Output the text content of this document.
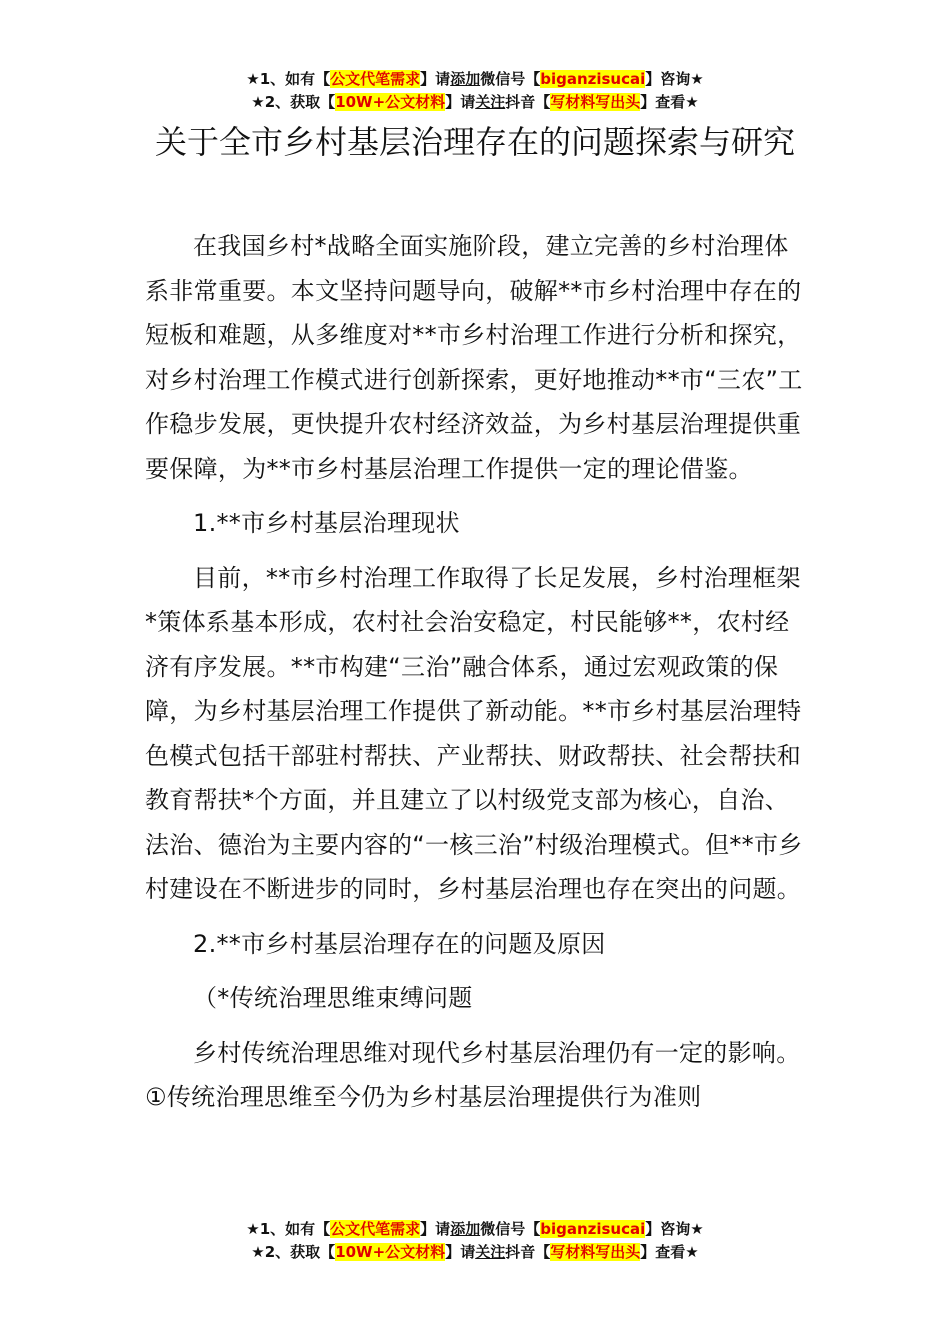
★1、如有【公文代笔需求】请添加微信号【biganzisucai】咨询★
★2、获取【10W+公文材料】请关注抖音【写材料写出头】查看★
关于全市乡村基层治理存在的问题探索与研究

在我国乡村*战略全面实施阶段，建立完善的乡村治理体系非常重要。本文坚持问题导向，破解**市乡村治理中存在的短板和难题，从多维度对**市乡村治理工作进行分析和探究，对乡村治理工作模式进行创新探索，更好地推动**市“三农”工作稳步发展，更快提升农村经济效益，为乡村基层治理提供重要保障，为**市乡村基层治理工作提供一定的理论借鉴。

1.**市乡村基层治理现状

目前，**市乡村治理工作取得了长足发展，乡村治理框架*策体系基本形成，农村社会治安稳定，村民能够**，农村经济有序发展。**市构建“三治”融合体系，通过宏观政策的保障，为乡村基层治理工作提供了新动能。**市乡村基层治理特色模式包括干部驻村帮扶、产业帮扶、财政帮扶、社会帮扶和教育帮扶*个方面，并且建立了以村级党支部为核心，自治、法治、德治为主要内容的“一核三治”村级治理模式。但**市乡村建设在不断进步的同时，乡村基层治理也存在突出的问题。

2.**市乡村基层治理存在的问题及原因

（*传统治理思维束缚问题

乡村传统治理思维对现代乡村基层治理仍有一定的影响。①传统治理思维至今仍为乡村基层治理提供行为准则

★1、如有【公文代笔需求】请添加微信号【biganzisucai】咨询★
★2、获取【10W+公文材料】请关注抖音【写材料写出头】查看★
